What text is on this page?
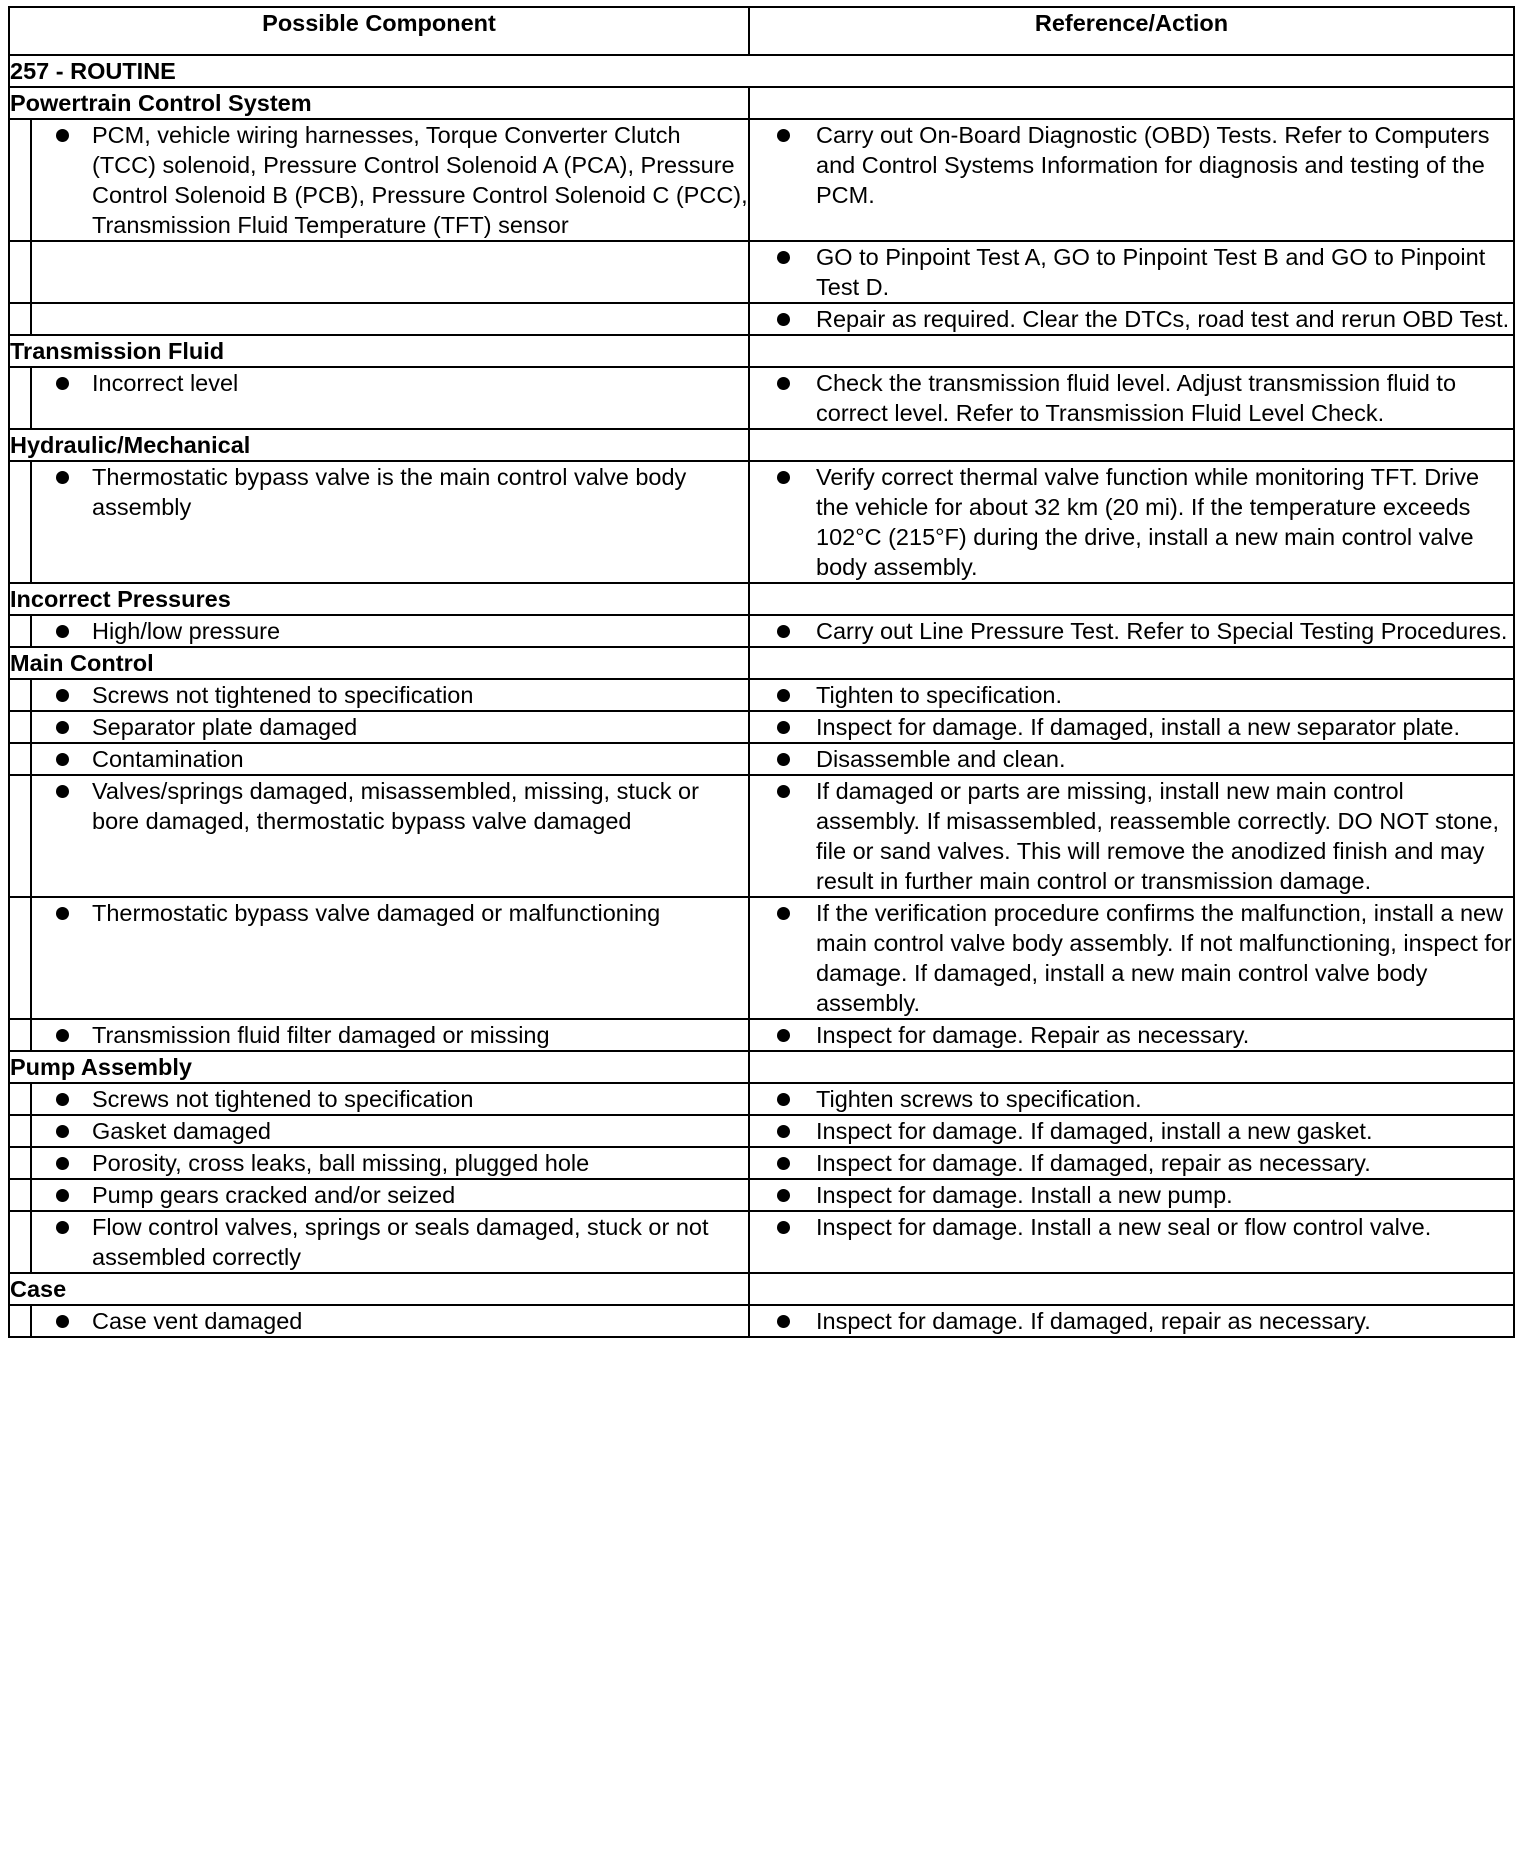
Possible Component		Reference/Action
257 - ROUTINE		
Powertrain Control System		

	PCM, vehicle wiring harnesses, Torque Converter Clutch (TCC) solenoid, Pressure Control Solenoid A (PCA), Pressure Control Solenoid B (PCB), Pressure Control Solenoid C (PCC), Transmission Fluid Temperature (TFT) sensor	Carry out On-Board Diagnostic (OBD) Tests. Refer to Computers and Control Systems Information for diagnosis and testing of the PCM.

		GO to Pinpoint Test A, GO to Pinpoint Test B and GO to Pinpoint Test D.

		Repair as required. Clear the DTCs, road test and rerun OBD Test.

Transmission Fluid		

	Incorrect level	Check the transmission fluid level. Adjust transmission fluid to correct level. Refer to Transmission Fluid Level Check.

Hydraulic/Mechanical		

	Thermostatic bypass valve is the main control valve body assembly	Verify correct thermal valve function while monitoring TFT. Drive the vehicle for about 32 km (20 mi). If the temperature exceeds 102°C (215°F) during the drive, install a new main control valve body assembly.

Incorrect Pressures		

	High/low pressure	Carry out Line Pressure Test. Refer to Special Testing Procedures.

Main Control		

	Screws not tightened to specification	Tighten to specification.

	Separator plate damaged	Inspect for damage. If damaged, install a new separator plate.

	Contamination	Disassemble and clean.

	Valves/springs damaged, misassembled, missing, stuck or bore damaged, thermostatic bypass valve damaged	If damaged or parts are missing, install new main control assembly. If misassembled, reassemble correctly. DO NOT stone, file or sand valves. This will remove the anodized finish and may result in further main control or transmission damage.

	Thermostatic bypass valve damaged or malfunctioning	If the verification procedure confirms the malfunction, install a new main control valve body assembly. If not malfunctioning, inspect for damage. If damaged, install a new main control valve body assembly.

	Transmission fluid filter damaged or missing	Inspect for damage. Repair as necessary.

Pump Assembly		

	Screws not tightened to specification	Tighten screws to specification.

	Gasket damaged	Inspect for damage. If damaged, install a new gasket.

	Porosity, cross leaks, ball missing, plugged hole	Inspect for damage. If damaged, repair as necessary.

	Pump gears cracked and/or seized	Inspect for damage. Install a new pump.

	Flow control valves, springs or seals damaged, stuck or not assembled correctly	Inspect for damage. Install a new seal or flow control valve.

Case		

	Case vent damaged	Inspect for damage. If damaged, repair as necessary.
